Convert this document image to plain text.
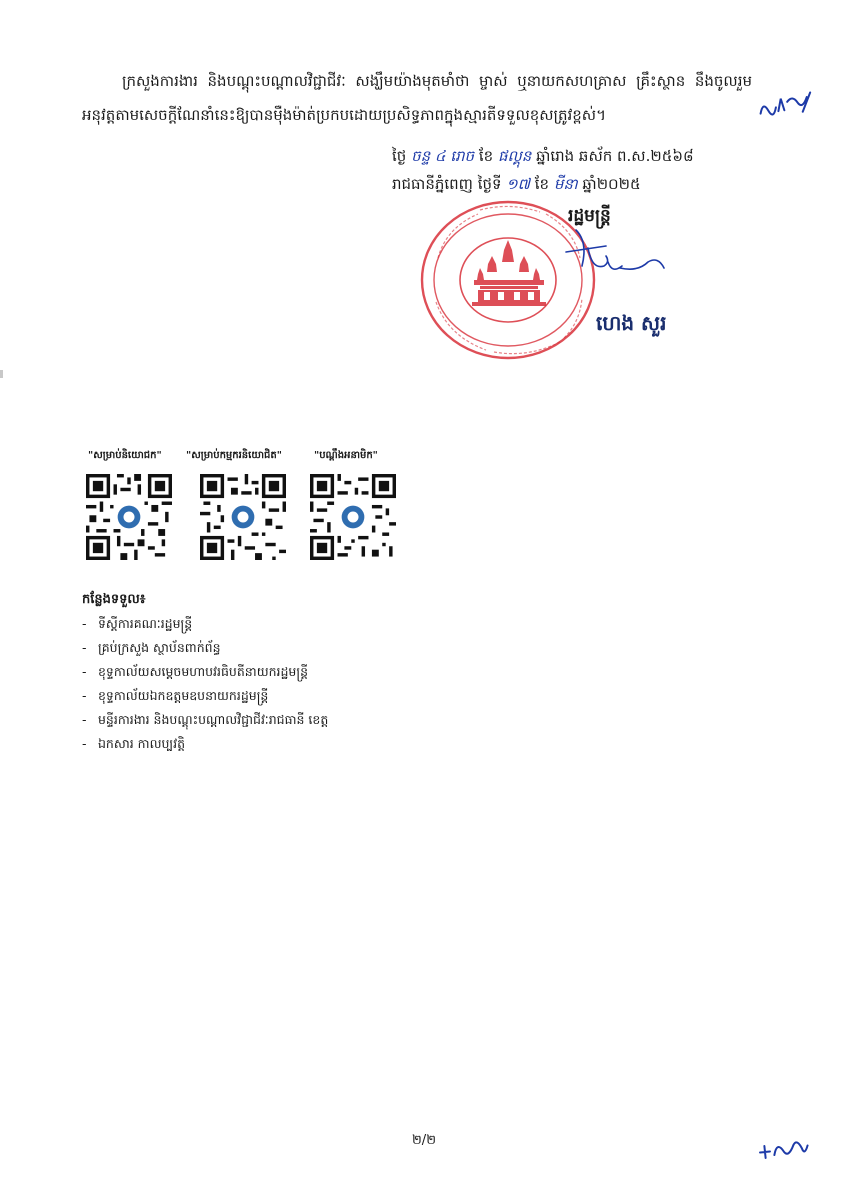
ក្រសួងការងារ និងបណ្តុះបណ្តាលវិជ្ជាជីវៈ សង្ឃឹមយ៉ាងមុតមាំថា ម្ចាស់ ឬនាយកសហគ្រាស គ្រឹះស្ថាន នឹងចូលរួមអនុវត្តតាមសេចក្តីណែនាំនេះឱ្យបានម៉ឺងម៉ាត់ប្រកបដោយប្រសិទ្ធភាពក្នុងស្មារតីទទួលខុសត្រូវខ្ពស់។

ថ្ងៃ ចន្ទ ៤ រោច ខែ ផល្គុន ឆ្នាំរោង ឆស័ក ព.ស.២៥៦៨
រាជធានីភ្នំពេញ ថ្ងៃទី ១៧ ខែ មីនា ឆ្នាំ២០២៥
រដ្ឋមន្ត្រី
ហេង សួរ
"សម្រាប់និយោជក" "សម្រាប់កម្មករនិយោជិត"	"បណ្តឹងអនាមិក"
កន្លែងទទួល៖
- ទីស្តីការគណៈរដ្ឋមន្ត្រី
- គ្រប់ក្រសួង ស្ថាប័នពាក់ព័ន្ធ
- ខុទ្ទកាល័យសម្តេចមហាបវរធិបតីនាយករដ្ឋមន្ត្រី
- ខុទ្ទកាល័យឯកឧត្តមឧបនាយករដ្ឋមន្ត្រី
- មន្ទីរការងារ និងបណ្តុះបណ្តាលវិជ្ជាជីវៈរាជធានី ខេត្ត
- ឯកសារ កាលប្បវត្តិ
២/២
